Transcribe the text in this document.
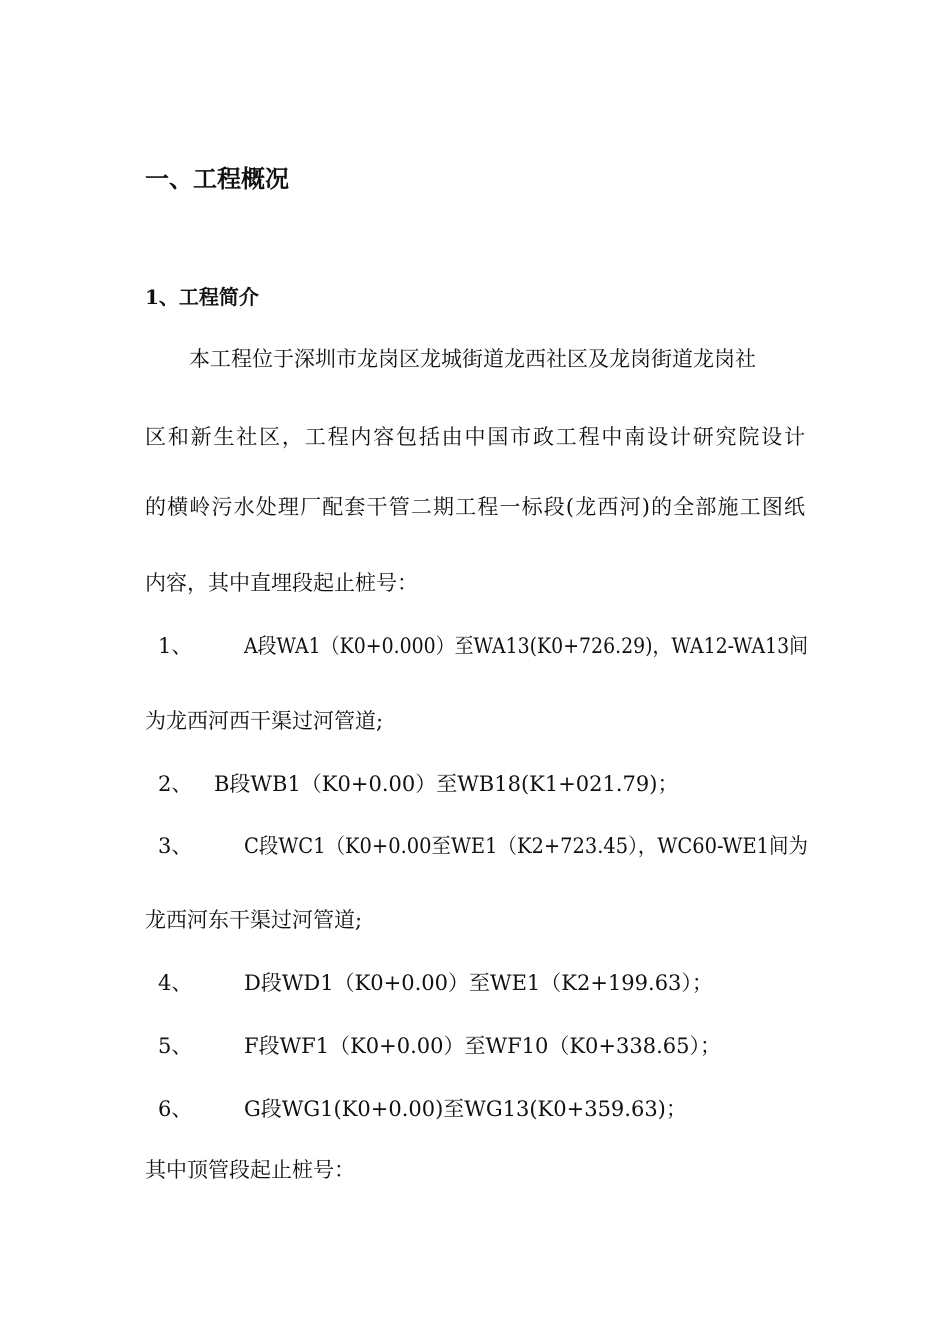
一、工程概况
1、工程简介
本工程位于深圳市龙岗区龙城街道龙西社区及龙岗街道龙岗社
区和新生社区，工程内容包括由中国市政工程中南设计研究院设计
的横岭污水处理厂配套干管二期工程一标段(龙西河)的全部施工图纸
内容，其中直埋段起止桩号：
1、 A段WA1（K0+0.000）至WA13(K0+726.29)，WA12-WA13间
为龙西河西干渠过河管道;
2、 B段WB1（K0+0.00）至WB18(K1+021.79)；
3、 C段WC1（K0+0.00至WE1（K2+723.45），WC60-WE1间为
龙西河东干渠过河管道;
4、 D段WD1（K0+0.00）至WE1（K2+199.63）；
5、 F段WF1（K0+0.00）至WF10（K0+338.65）；
6、 G段WG1(K0+0.00)至WG13(K0+359.63)；
其中顶管段起止桩号：
